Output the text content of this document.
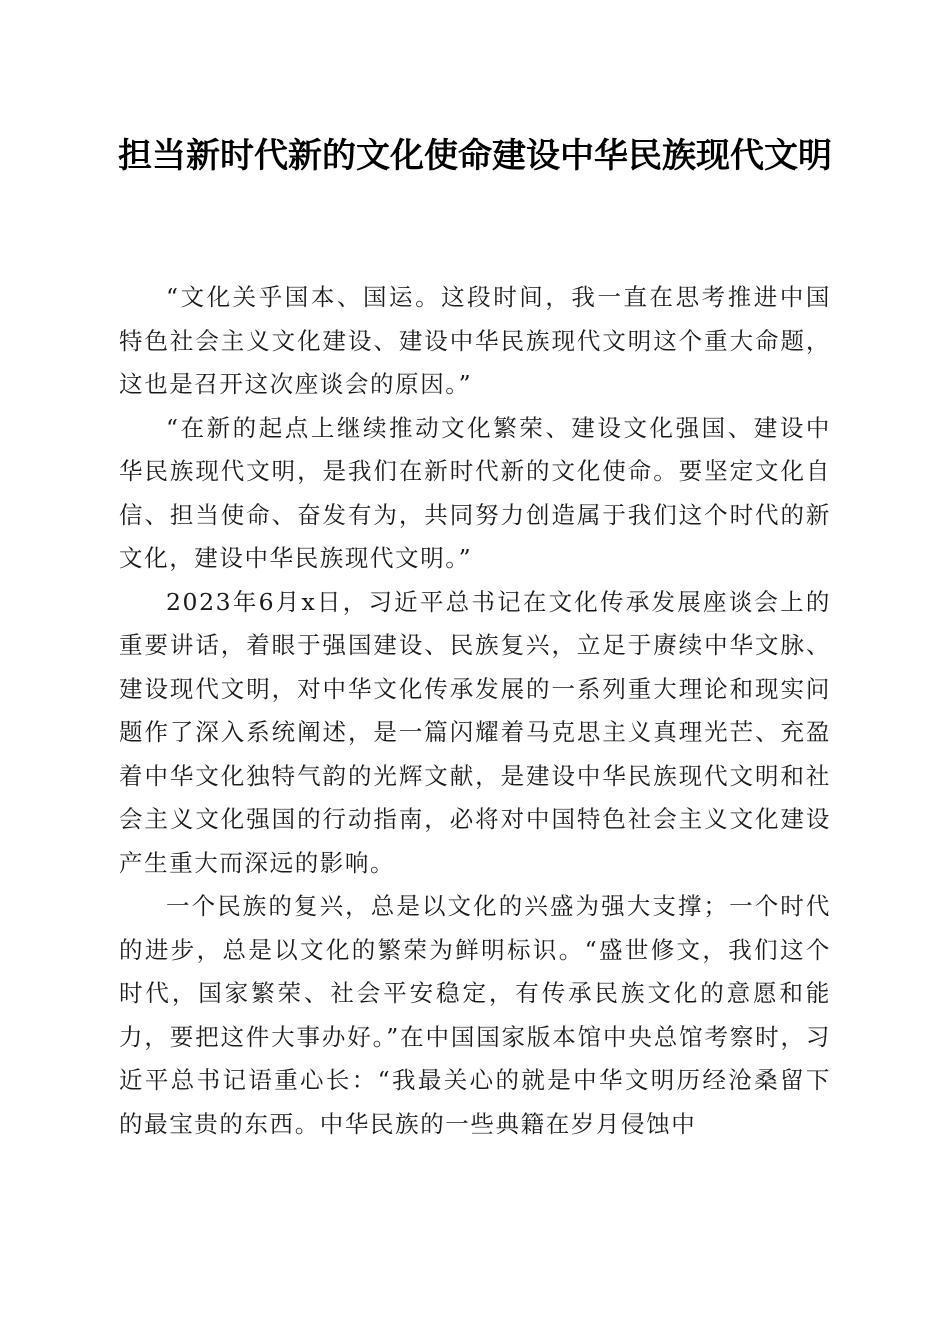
担当新时代新的文化使命建设中华民族现代文明

“文化关乎国本、国运。这段时间，我一直在思考推进中国特色社会主义文化建设、建设中华民族现代文明这个重大命题，这也是召开这次座谈会的原因。”

“在新的起点上继续推动文化繁荣、建设文化强国、建设中华民族现代文明，是我们在新时代新的文化使命。要坚定文化自信、担当使命、奋发有为，共同努力创造属于我们这个时代的新文化，建设中华民族现代文明。”

2023年6月x日，习近平总书记在文化传承发展座谈会上的重要讲话，着眼于强国建设、民族复兴，立足于赓续中华文脉、建设现代文明，对中华文化传承发展的一系列重大理论和现实问题作了深入系统阐述，是一篇闪耀着马克思主义真理光芒、充盈着中华文化独特气韵的光辉文献，是建设中华民族现代文明和社会主义文化强国的行动指南，必将对中国特色社会主义文化建设产生重大而深远的影响。

一个民族的复兴，总是以文化的兴盛为强大支撑；一个时代的进步，总是以文化的繁荣为鲜明标识。“盛世修文，我们这个时代，国家繁荣、社会平安稳定，有传承民族文化的意愿和能力，要把这件大事办好。”在中国国家版本馆中央总馆考察时，习近平总书记语重心长：“我最关心的就是中华文明历经沧桑留下的最宝贵的东西。中华民族的一些典籍在岁月侵蚀中
